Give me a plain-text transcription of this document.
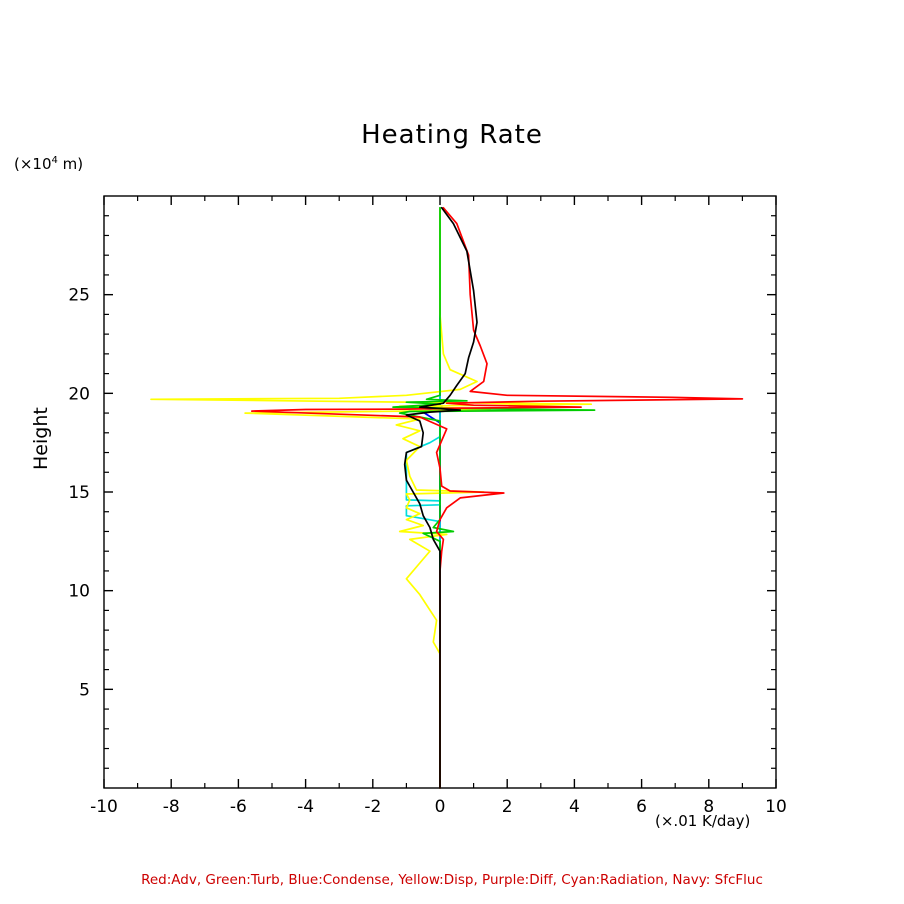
Heating Rate
($\times 10^4$ m)
Height
-10	-8	-6	-4	-2	0	2	4	6	8	10
5
10
15
20
25
(×.01 K/day)
Red:Adv, Green:Turb, Blue:Condense, Yellow:Disp, Purple:Diff, Cyan:Radiation, Navy: SfcFluc
